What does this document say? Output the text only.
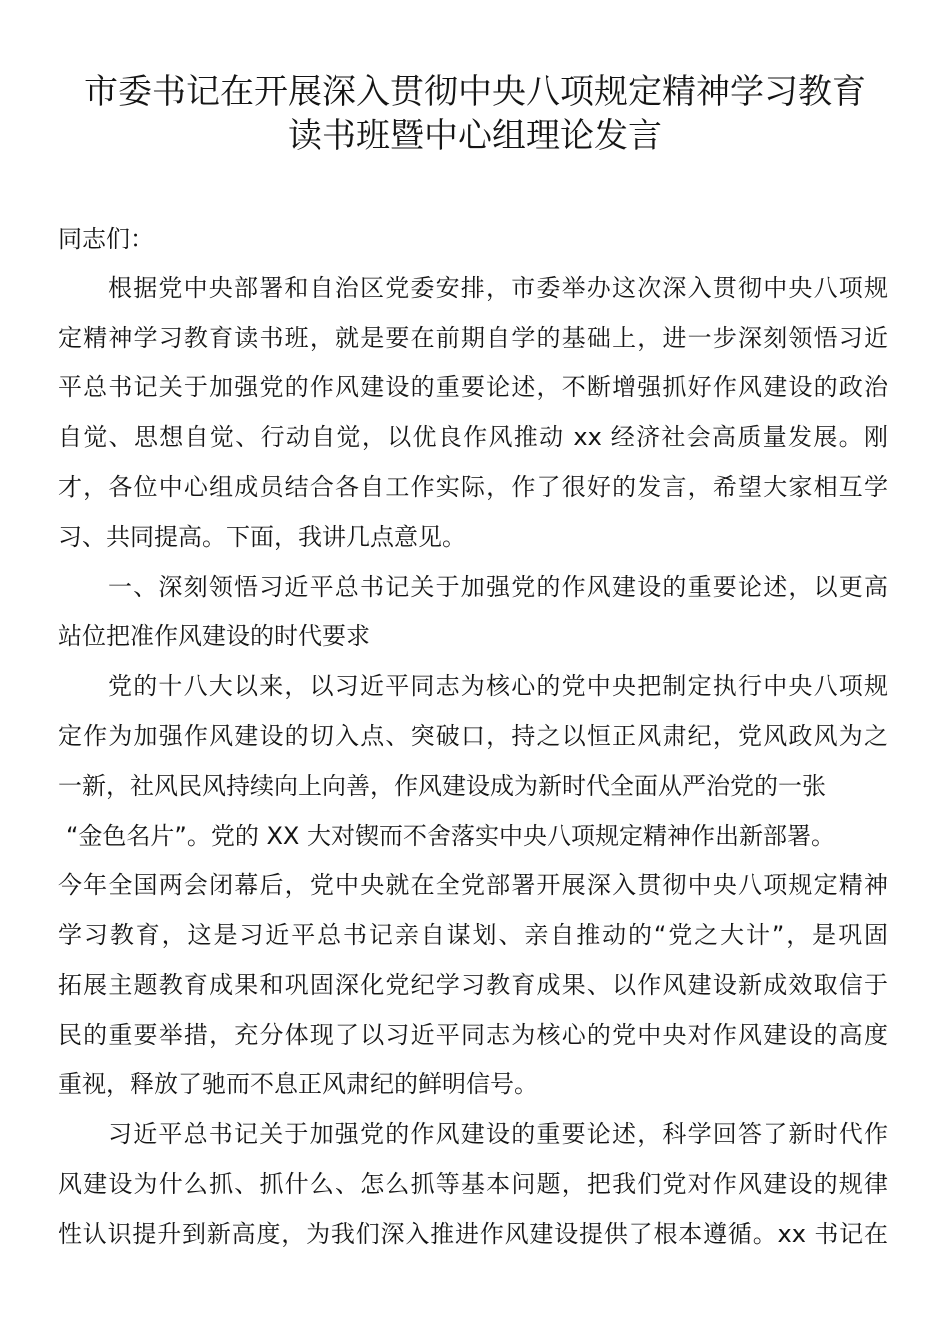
市委书记在开展深入贯彻中央八项规定精神学习教育
读书班暨中心组理论发言
同志们：
根据党中央部署和自治区党委安排，市委举办这次深入贯彻中央八项规
定精神学习教育读书班，就是要在前期自学的基础上，进一步深刻领悟习近
平总书记关于加强党的作风建设的重要论述，不断增强抓好作风建设的政治
自觉、思想自觉、行动自觉，以优良作风推动 xx 经济社会高质量发展。刚
才，各位中心组成员结合各自工作实际，作了很好的发言，希望大家相互学
习、共同提高。下面，我讲几点意见。
一、深刻领悟习近平总书记关于加强党的作风建设的重要论述，以更高
站位把准作风建设的时代要求
党的十八大以来，以习近平同志为核心的党中央把制定执行中央八项规
定作为加强作风建设的切入点、突破口，持之以恒正风肃纪，党风政风为之
一新，社风民风持续向上向善，作风建设成为新时代全面从严治党的一张
“金色名片”。党的 XX 大对锲而不舍落实中央八项规定精神作出新部署。
今年全国两会闭幕后，党中央就在全党部署开展深入贯彻中央八项规定精神
学习教育，这是习近平总书记亲自谋划、亲自推动的“党之大计”，是巩固
拓展主题教育成果和巩固深化党纪学习教育成果、以作风建设新成效取信于
民的重要举措，充分体现了以习近平同志为核心的党中央对作风建设的高度
重视，释放了驰而不息正风肃纪的鲜明信号。
习近平总书记关于加强党的作风建设的重要论述，科学回答了新时代作
风建设为什么抓、抓什么、怎么抓等基本问题，把我们党对作风建设的规律
性认识提升到新高度，为我们深入推进作风建设提供了根本遵循。xx 书记在
